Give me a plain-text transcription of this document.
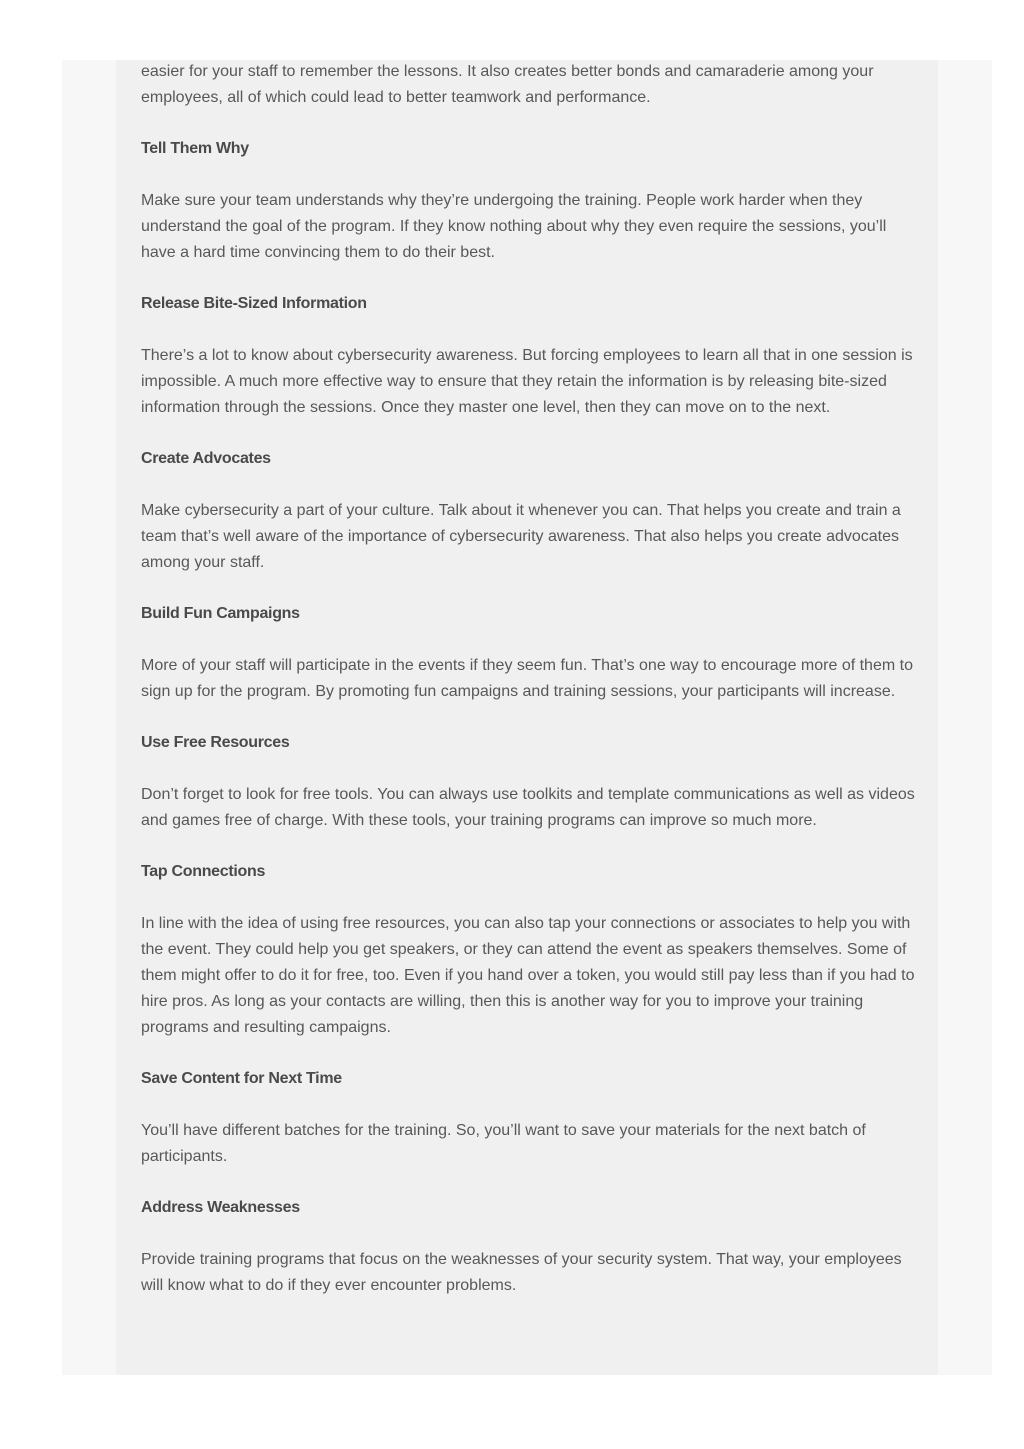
easier for your staff to remember the lessons. It also creates better bonds and camaraderie among your employees, all of which could lead to better teamwork and performance.

Tell Them Why

Make sure your team understands why they’re undergoing the training. People work harder when they understand the goal of the program. If they know nothing about why they even require the sessions, you’ll have a hard time convincing them to do their best.

Release Bite-Sized Information

There’s a lot to know about cybersecurity awareness. But forcing employees to learn all that in one session is impossible. A much more effective way to ensure that they retain the information is by releasing bite-sized information through the sessions. Once they master one level, then they can move on to the next.

Create Advocates

Make cybersecurity a part of your culture. Talk about it whenever you can. That helps you create and train a team that’s well aware of the importance of cybersecurity awareness. That also helps you create advocates among your staff.

Build Fun Campaigns

More of your staff will participate in the events if they seem fun. That’s one way to encourage more of them to sign up for the program. By promoting fun campaigns and training sessions, your participants will increase.

Use Free Resources

Don’t forget to look for free tools. You can always use toolkits and template communications as well as videos and games free of charge. With these tools, your training programs can improve so much more.

Tap Connections

In line with the idea of using free resources, you can also tap your connections or associates to help you with the event. They could help you get speakers, or they can attend the event as speakers themselves. Some of them might offer to do it for free, too. Even if you hand over a token, you would still pay less than if you had to hire pros. As long as your contacts are willing, then this is another way for you to improve your training programs and resulting campaigns.

Save Content for Next Time

You’ll have different batches for the training. So, you’ll want to save your materials for the next batch of participants.

Address Weaknesses

Provide training programs that focus on the weaknesses of your security system. That way, your employees will know what to do if they ever encounter problems.
